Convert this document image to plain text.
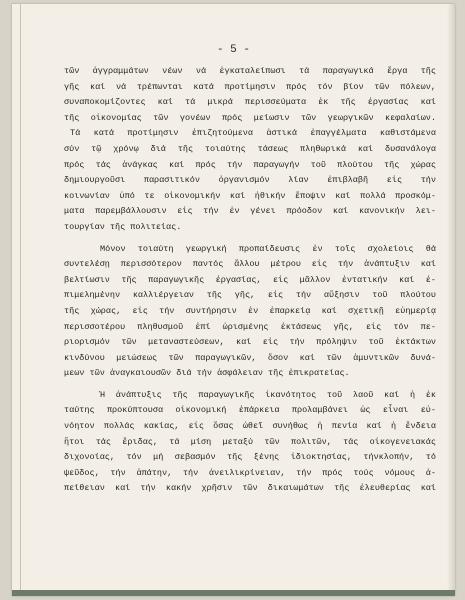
- 5 -
τῶν ἀγγραμμάτων νέων νά ἐγκαταλείπωσι τά παραγωγικά ἔργα τῆς
γῆς καί νά τρέπωνται κατά προτίμησιν πρός τόν βίον τῶν πόλεων,
συναποκομίζοντες καί τά μικρά περισσεύματα ἐκ τῆς ἐργασίας καί
τῆς οἰκονομίας τῶν γονέων πρός μείωσιν τῶν γεωργικῶν κεφαλαίων.
Τά κατά προτίμησιν ἐπιζητούμενα ἀστικά ἐπαγγέλματα καθιστάμενα
σύν τῷ χρόνῳ διά τῆς τοιαύτης τάσεως πληθωρικά καί δυσανάλογα
πρός τάς ἀνάγκας καί πρός τήν παραγωγήν τοῦ πλούτου τῆς χώρας
δημιουργοῦσι παρασιτικόν ὀργανισμόν λίαν ἐπιβλαβῆ εἰς τήν
κοινωνίαν ὑπό τε οἰκονομικήν καί ἠθικήν ἔποψιν καί πολλά προσκόμ-
ματα παρεμβάλλουσιν εἰς τήν ἐν γένει πρόοδον καί κανονικήν λει-
τουργίαν τῆς πολιτείας.
Μόνον τοιαύτη γεωργική προπαίδευσις ἐν τοῖς σχολείοις θά
συντελέσῃ περισσότερον παντός ἄλλου μέτρου εἰς τήν ἀνάπτυξιν καί
βελτίωσιν τῆς παραγωγικῆς ἐργασίας, εἰς μᾶλλον ἐντατικήν καί ἐ-
πιμελημένην καλλιέργειαν τῆς γῆς, εἰς τήν αὔξησιν τοῦ πλούτου
τῆς χώρας, εἰς τήν συντήρησιν ἐν ἐπαρκείᾳ καί σχετικῇ εὐημερίᾳ
περισσοτέρου πληθυσμοῦ ἐπί ὡρισμένης ἐκτάσεως γῆς, εἰς τόν πε-
ριορισμόν τῶν μεταναστεύσεων, καί εἰς τήν πρόληψιν τοῦ ἐκτάκτων
κινδύνου μειώσεως τῶν παραγωγικῶν, ὅσον καί τῶν ἀμυντικῶν δυνά-
μεων τῶν ἀναγκαιουσῶν διά τήν ἀσφάλειαν τῆς ἐπικρατείας.
Ἡ ἀνάπτυξις τῆς παραγωγικῆς ἱκανότητος τοῦ λαοῦ καί ἡ ἐκ
ταύτης προκύπτουσα οἰκονομική ἐπάρκεια προλαμβάνει ὡς εἶναι εὐ-
νόητον πολλάς κακίας, εἰς ὅσας ὠθεῖ συνήθως ἡ πενία καί ἡ ἔνδεια
ἤτοι τάς ἔριδας, τά μίση μεταξύ τῶν πολιτῶν, τάς οἰκογενειακάς
διχονοίας, τόν μή σεβασμόν τῆς ξένης ἰδιοκτησίας, τήνκλοπήν, τό
ψεῦδος, τήν ἀπάτην, τήν ἀνειλικρίνειαν, τήν πρός τούς νόμους ἀ-
πείθειαν καί τήν κακήν χρῆσιν τῶν δικαιωμάτων τῆς ἐλευθερίας καί
